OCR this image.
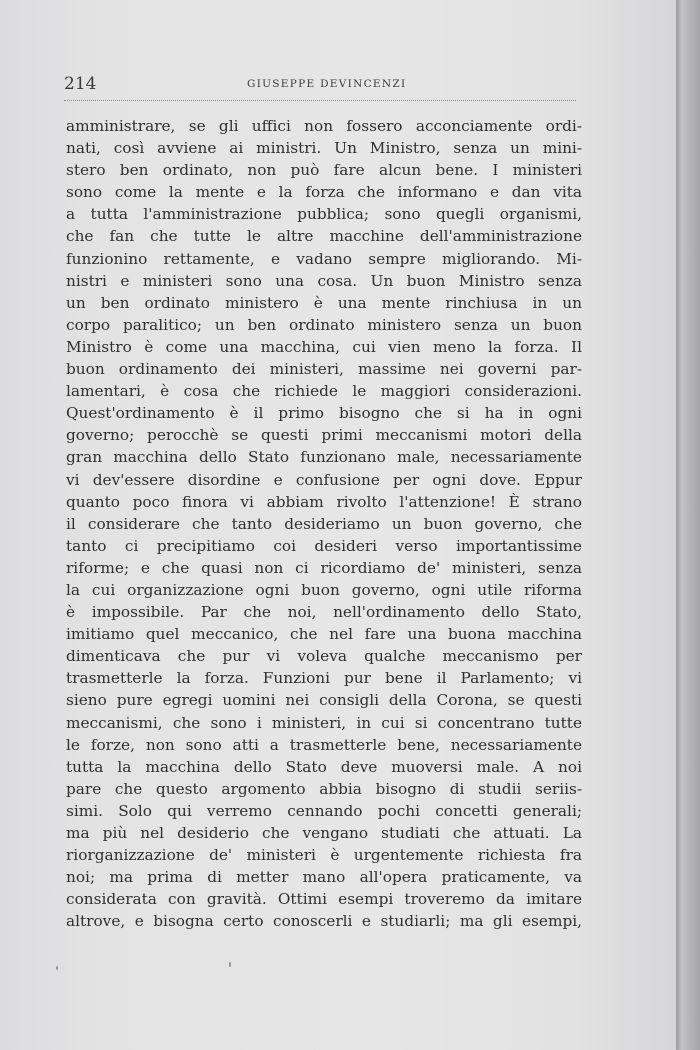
214	GIUSEPPE DEVINCENZI
amministrare, se gli uffici non fossero acconciamente ordi-
nati, così avviene ai ministri. Un Ministro, senza un mini-
stero ben ordinato, non può fare alcun bene. I ministeri
sono come la mente e la forza che informano e dan vita
a tutta l'amministrazione pubblica; sono quegli organismi,
che fan che tutte le altre macchine dell'amministrazione
funzionino rettamente, e vadano sempre migliorando. Mi-
nistri e ministeri sono una cosa. Un buon Ministro senza
un ben ordinato ministero è una mente rinchiusa in un
corpo paralitico; un ben ordinato ministero senza un buon
Ministro è come una macchina, cui vien meno la forza. Il
buon ordinamento dei ministeri, massime nei governi par-
lamentari, è cosa che richiede le maggiori considerazioni.
Quest'ordinamento è il primo bisogno che si ha in ogni
governo; perocchè se questi primi meccanismi motori della
gran macchina dello Stato funzionano male, necessariamente
vi dev'essere disordine e confusione per ogni dove. Eppur
quanto poco finora vi abbiam rivolto l'attenzione! È strano
il considerare che tanto desideriamo un buon governo, che
tanto ci precipitiamo coi desideri verso importantissime
riforme; e che quasi non ci ricordiamo de' ministeri, senza
la cui organizzazione ogni buon governo, ogni utile riforma
è impossibile. Par che noi, nell'ordinamento dello Stato,
imitiamo quel meccanico, che nel fare una buona macchina
dimenticava che pur vi voleva qualche meccanismo per
trasmetterle la forza. Funzioni pur bene il Parlamento; vi
sieno pure egregi uomini nei consigli della Corona, se questi
meccanismi, che sono i ministeri, in cui si concentrano tutte
le forze, non sono atti a trasmetterle bene, necessariamente
tutta la macchina dello Stato deve muoversi male. A noi
pare che questo argomento abbia bisogno di studii seriis-
simi. Solo qui verremo cennando pochi concetti generali;
ma più nel desiderio che vengano studiati che attuati. La
riorganizzazione de' ministeri è urgentemente richiesta fra
noi; ma prima di metter mano all'opera praticamente, va
considerata con gravità. Ottimi esempi troveremo da imitare
altrove, e bisogna certo conoscerli e studiarli; ma gli esempi,
